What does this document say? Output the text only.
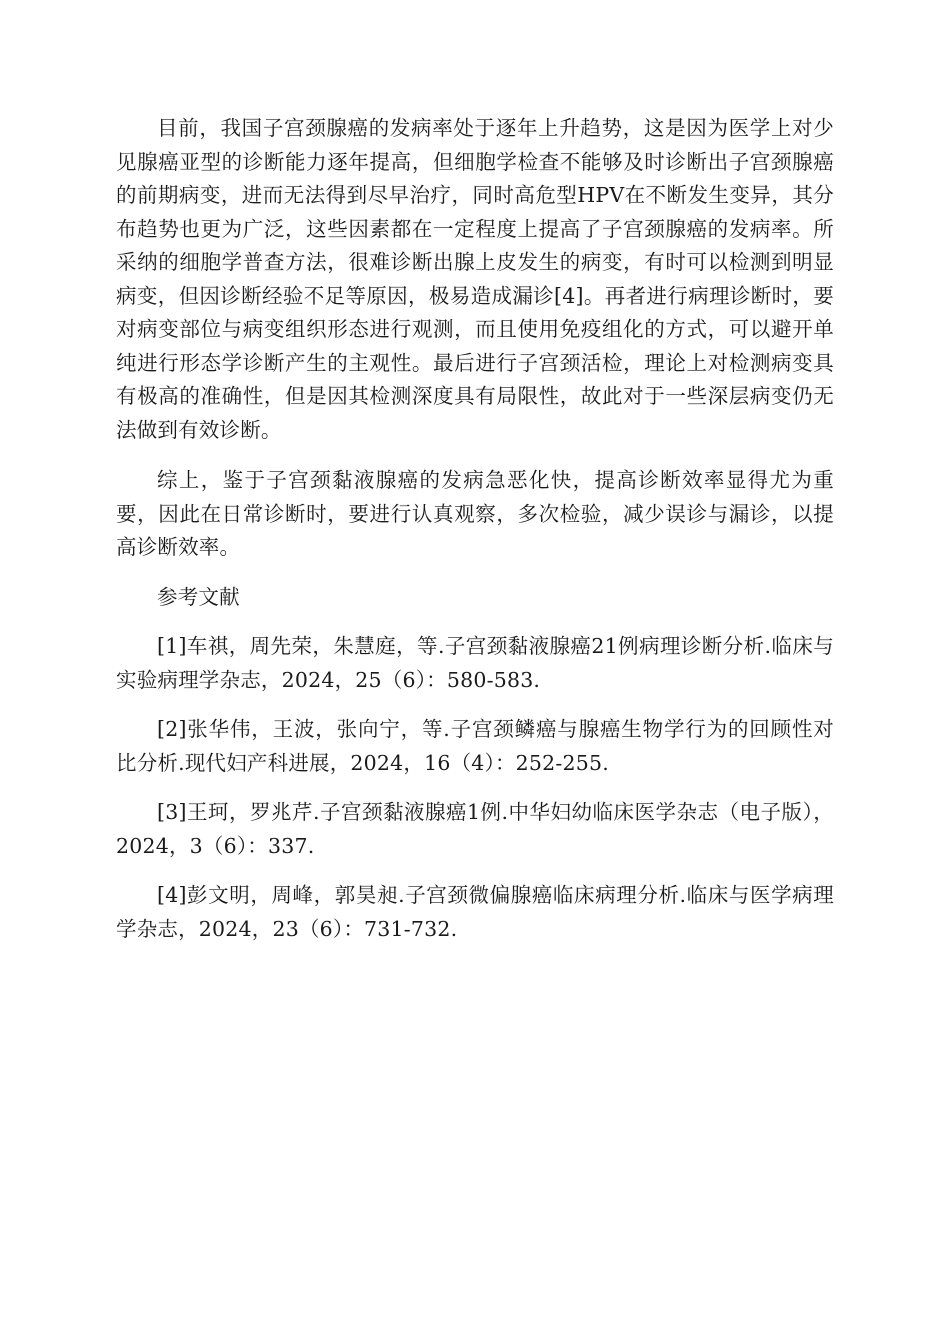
目前，我国子宫颈腺癌的发病率处于逐年上升趋势，这是因为医学上对少见腺癌亚型的诊断能力逐年提高，但细胞学检查不能够及时诊断出子宫颈腺癌的前期病变，进而无法得到尽早治疗，同时高危型HPV在不断发生变异，其分布趋势也更为广泛，这些因素都在一定程度上提高了子宫颈腺癌的发病率。所采纳的细胞学普查方法，很难诊断出腺上皮发生的病变，有时可以检测到明显病变，但因诊断经验不足等原因，极易造成漏诊[4]。再者进行病理诊断时，要对病变部位与病变组织形态进行观测，而且使用免疫组化的方式，可以避开单纯进行形态学诊断产生的主观性。最后进行子宫颈活检，理论上对检测病变具有极高的准确性，但是因其检测深度具有局限性，故此对于一些深层病变仍无法做到有效诊断。

综上，鉴于子宫颈黏液腺癌的发病急恶化快，提高诊断效率显得尤为重要，因此在日常诊断时，要进行认真观察，多次检验，减少误诊与漏诊，以提高诊断效率。

参考文献

[1]车祺，周先荣，朱慧庭，等.子宫颈黏液腺癌21例病理诊断分析.临床与实验病理学杂志，2024，25（6）：580-583.

[2]张华伟，王波，张向宁，等.子宫颈鳞癌与腺癌生物学行为的回顾性对比分析.现代妇产科进展，2024，16（4）：252-255.

[3]王珂，罗兆芹.子宫颈黏液腺癌1例.中华妇幼临床医学杂志（电子版），2024，3（6）：337.

[4]彭文明，周峰，郭昊昶.子宫颈微偏腺癌临床病理分析.临床与医学病理学杂志，2024，23（6）：731-732.
